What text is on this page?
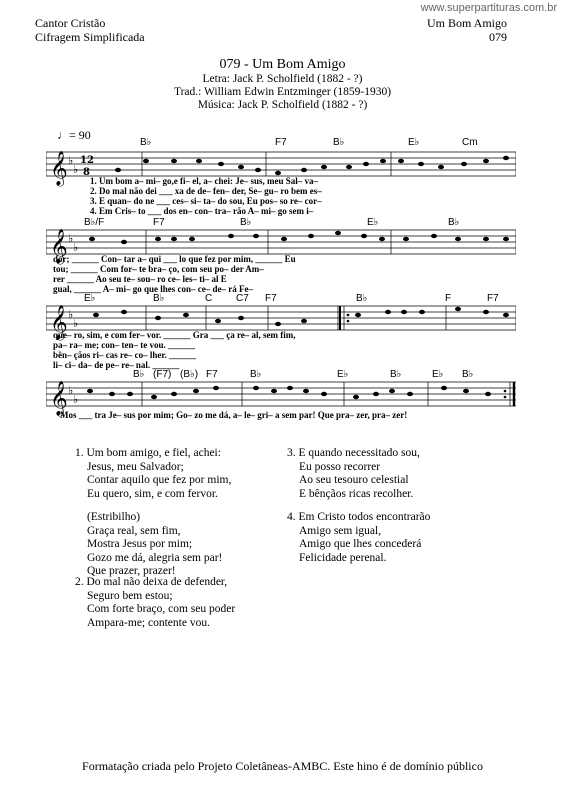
www.superpartituras.com.br
Cantor Cristão
Cifragem Simplificada
Um Bom Amigo
079
079 - Um Bom Amigo
Letra: Jack P. Scholfield (1882 - ?)
Trad.: William Edwin Entzminger (1859-1930)
Música: Jack P. Scholfield (1882 - ?)
♩= 90
B♭	F7	B♭	E♭	Cm
𝄞 ♭
♭
12
8
1. Um bom a– mi– go,e fi– el, a– chei: Je– sus, meu Sal– va–
2. Do mal não dei ___ xa de de– fen– der, Se– gu– ro bem es–
3. E quan– do ne ___ ces– si– ta– do sou, Eu pos– so re– cor–
4. Em Cris– to ___ dos en– con– tra– rão A– mi– go sem i–
B♭/F	F7	B♭	E♭	B♭
𝄞 ♭
♭
dor; ______ Con– tar a– qui ___ lo que fez por mim, ______ Eu
tou; ______ Com for– te bra– ço, com seu po– der Am–
rer ______ Ao seu te– sou– ro ce– les– ti– al E
gual, ______ A– mi– go que lhes con– ce– de– rá Fe–
E♭	B♭	C C7 F7	B♭	F	F7
𝄞 ♭
♭
que– ro, sim, e com fer– vor. ______ Gra ___ ça re– al, sem fim,
pa– ra– me; con– ten– te vou. ______
bên– çãos ri– cas re– co– lher. ______
li– ci– da– de pe– re– nal. ______
B♭ (F7) (B♭) F7	B♭	E♭	B♭	E♭ B♭
𝄞 ♭
♭
Mos ___ tra Je– sus por mim; Go– zo me dá, a– le– gri– a sem par! Que pra– zer, pra– zer!
1. Um bom amigo, e fiel, achei:
Jesus, meu Salvador;
Contar aquilo que fez por mim,
Eu quero, sim, e com fervor.
(Estribilho)
Graça real, sem fim,
Mostra Jesus por mim;
Gozo me dá, alegria sem par!
Que prazer, prazer!
2. Do mal não deixa de defender,
Seguro bem estou;
Com forte braço, com seu poder
Ampara-me; contente vou.
3. E quando necessitado sou,
Eu posso recorrer
Ao seu tesouro celestial
E bênçãos ricas recolher.
4. Em Cristo todos encontrarão
Amigo sem igual,
Amigo que lhes concederá
Felicidade perenal.
Formatação criada pelo Projeto Coletâneas-AMBC. Este hino é de domínio público
